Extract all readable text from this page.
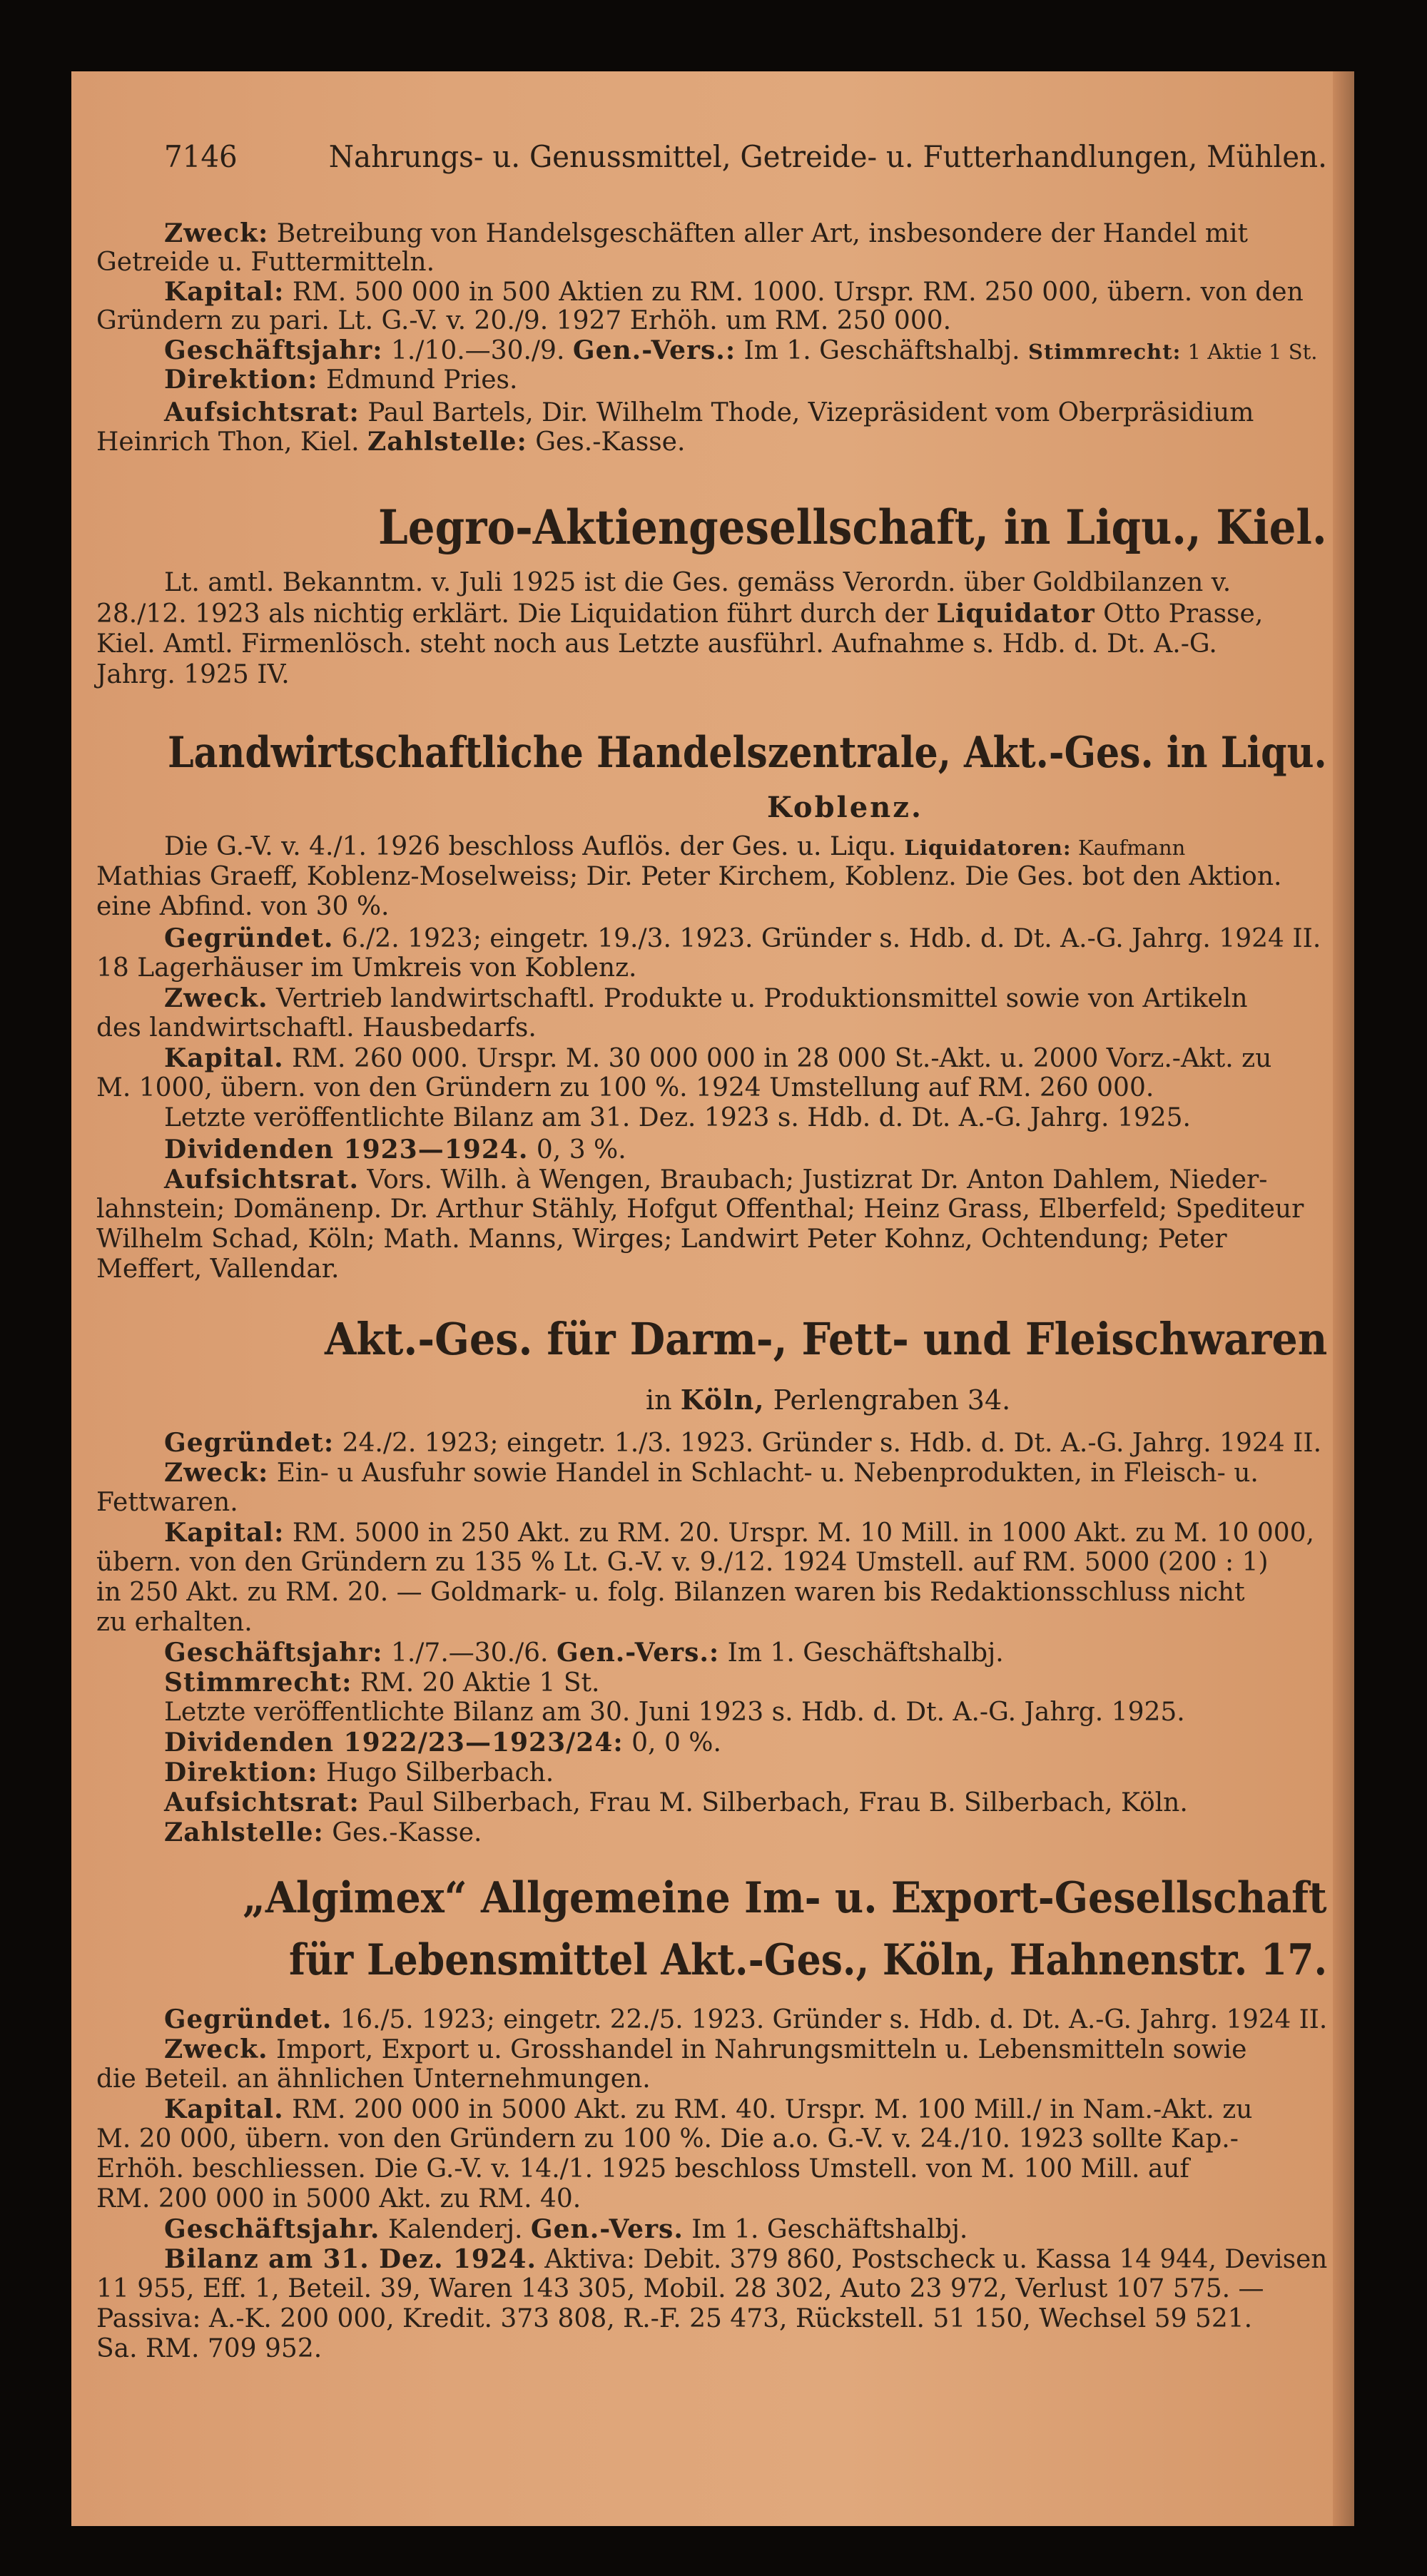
7146	Nahrungs- u. Genussmittel, Getreide- u. Futterhandlungen, Mühlen.
Zweck: Betreibung von Handelsgeschäften aller Art, insbesondere der Handel mit
Getreide u. Futtermitteln.
Kapital: RM. 500 000 in 500 Aktien zu RM. 1000. Urspr. RM. 250 000, übern. von den
Gründern zu pari. Lt. G.-V. v. 20./9. 1927 Erhöh. um RM. 250 000.
Geschäftsjahr: 1./10.—30./9. Gen.-Vers.: Im 1. Geschäftshalbj. Stimmrecht: 1 Aktie 1 St.
Direktion: Edmund Pries.
Aufsichtsrat: Paul Bartels, Dir. Wilhelm Thode, Vizepräsident vom Oberpräsidium
Heinrich Thon, Kiel. Zahlstelle: Ges.-Kasse.
Legro-Aktiengesellschaft, in Liqu., Kiel.
Lt. amtl. Bekanntm. v. Juli 1925 ist die Ges. gemäss Verordn. über Goldbilanzen v.
28./12. 1923 als nichtig erklärt. Die Liquidation führt durch der Liquidator Otto Prasse,
Kiel. Amtl. Firmenlösch. steht noch aus Letzte ausführl. Aufnahme s. Hdb. d. Dt. A.-G.
Jahrg. 1925 IV.
Landwirtschaftliche Handelszentrale, Akt.-Ges. in Liqu.
Koblenz.
Die G.-V. v. 4./1. 1926 beschloss Auflös. der Ges. u. Liqu. Liquidatoren: Kaufmann
Mathias Graeff, Koblenz-Moselweiss; Dir. Peter Kirchem, Koblenz. Die Ges. bot den Aktion.
eine Abfind. von 30 %.
Gegründet. 6./2. 1923; eingetr. 19./3. 1923. Gründer s. Hdb. d. Dt. A.-G. Jahrg. 1924 II.
18 Lagerhäuser im Umkreis von Koblenz.
Zweck. Vertrieb landwirtschaftl. Produkte u. Produktionsmittel sowie von Artikeln
des landwirtschaftl. Hausbedarfs.
Kapital. RM. 260 000. Urspr. M. 30 000 000 in 28 000 St.-Akt. u. 2000 Vorz.-Akt. zu
M. 1000, übern. von den Gründern zu 100 %. 1924 Umstellung auf RM. 260 000.
Letzte veröffentlichte Bilanz am 31. Dez. 1923 s. Hdb. d. Dt. A.-G. Jahrg. 1925.
Dividenden 1923—1924. 0, 3 %.
Aufsichtsrat. Vors. Wilh. à Wengen, Braubach; Justizrat Dr. Anton Dahlem, Nieder-
lahnstein; Domänenp. Dr. Arthur Stähly, Hofgut Offenthal; Heinz Grass, Elberfeld; Spediteur
Wilhelm Schad, Köln; Math. Manns, Wirges; Landwirt Peter Kohnz, Ochtendung; Peter
Meffert, Vallendar.
Akt.-Ges. für Darm-, Fett- und Fleischwaren
in Köln, Perlengraben 34.
Gegründet: 24./2. 1923; eingetr. 1./3. 1923. Gründer s. Hdb. d. Dt. A.-G. Jahrg. 1924 II.
Zweck: Ein- u Ausfuhr sowie Handel in Schlacht- u. Nebenprodukten, in Fleisch- u.
Fettwaren.
Kapital: RM. 5000 in 250 Akt. zu RM. 20. Urspr. M. 10 Mill. in 1000 Akt. zu M. 10 000,
übern. von den Gründern zu 135 % Lt. G.-V. v. 9./12. 1924 Umstell. auf RM. 5000 (200 : 1)
in 250 Akt. zu RM. 20. — Goldmark- u. folg. Bilanzen waren bis Redaktionsschluss nicht
zu erhalten.
Geschäftsjahr: 1./7.—30./6. Gen.-Vers.: Im 1. Geschäftshalbj.
Stimmrecht: RM. 20 Aktie 1 St.
Letzte veröffentlichte Bilanz am 30. Juni 1923 s. Hdb. d. Dt. A.-G. Jahrg. 1925.
Dividenden 1922/23—1923/24: 0, 0 %.
Direktion: Hugo Silberbach.
Aufsichtsrat: Paul Silberbach, Frau M. Silberbach, Frau B. Silberbach, Köln.
Zahlstelle: Ges.-Kasse.
„Algimex“ Allgemeine Im- u. Export-Gesellschaft
für Lebensmittel Akt.-Ges., Köln, Hahnenstr. 17.
Gegründet. 16./5. 1923; eingetr. 22./5. 1923. Gründer s. Hdb. d. Dt. A.-G. Jahrg. 1924 II.
Zweck. Import, Export u. Grosshandel in Nahrungsmitteln u. Lebensmitteln sowie
die Beteil. an ähnlichen Unternehmungen.
Kapital. RM. 200 000 in 5000 Akt. zu RM. 40. Urspr. M. 100 Mill./ in Nam.-Akt. zu
M. 20 000, übern. von den Gründern zu 100 %. Die a.o. G.-V. v. 24./10. 1923 sollte Kap.-
Erhöh. beschliessen. Die G.-V. v. 14./1. 1925 beschloss Umstell. von M. 100 Mill. auf
RM. 200 000 in 5000 Akt. zu RM. 40.
Geschäftsjahr. Kalenderj. Gen.-Vers. Im 1. Geschäftshalbj.
Bilanz am 31. Dez. 1924. Aktiva: Debit. 379 860, Postscheck u. Kassa 14 944, Devisen
11 955, Eff. 1, Beteil. 39, Waren 143 305, Mobil. 28 302, Auto 23 972, Verlust 107 575. —
Passiva: A.-K. 200 000, Kredit. 373 808, R.-F. 25 473, Rückstell. 51 150, Wechsel 59 521.
Sa. RM. 709 952.
